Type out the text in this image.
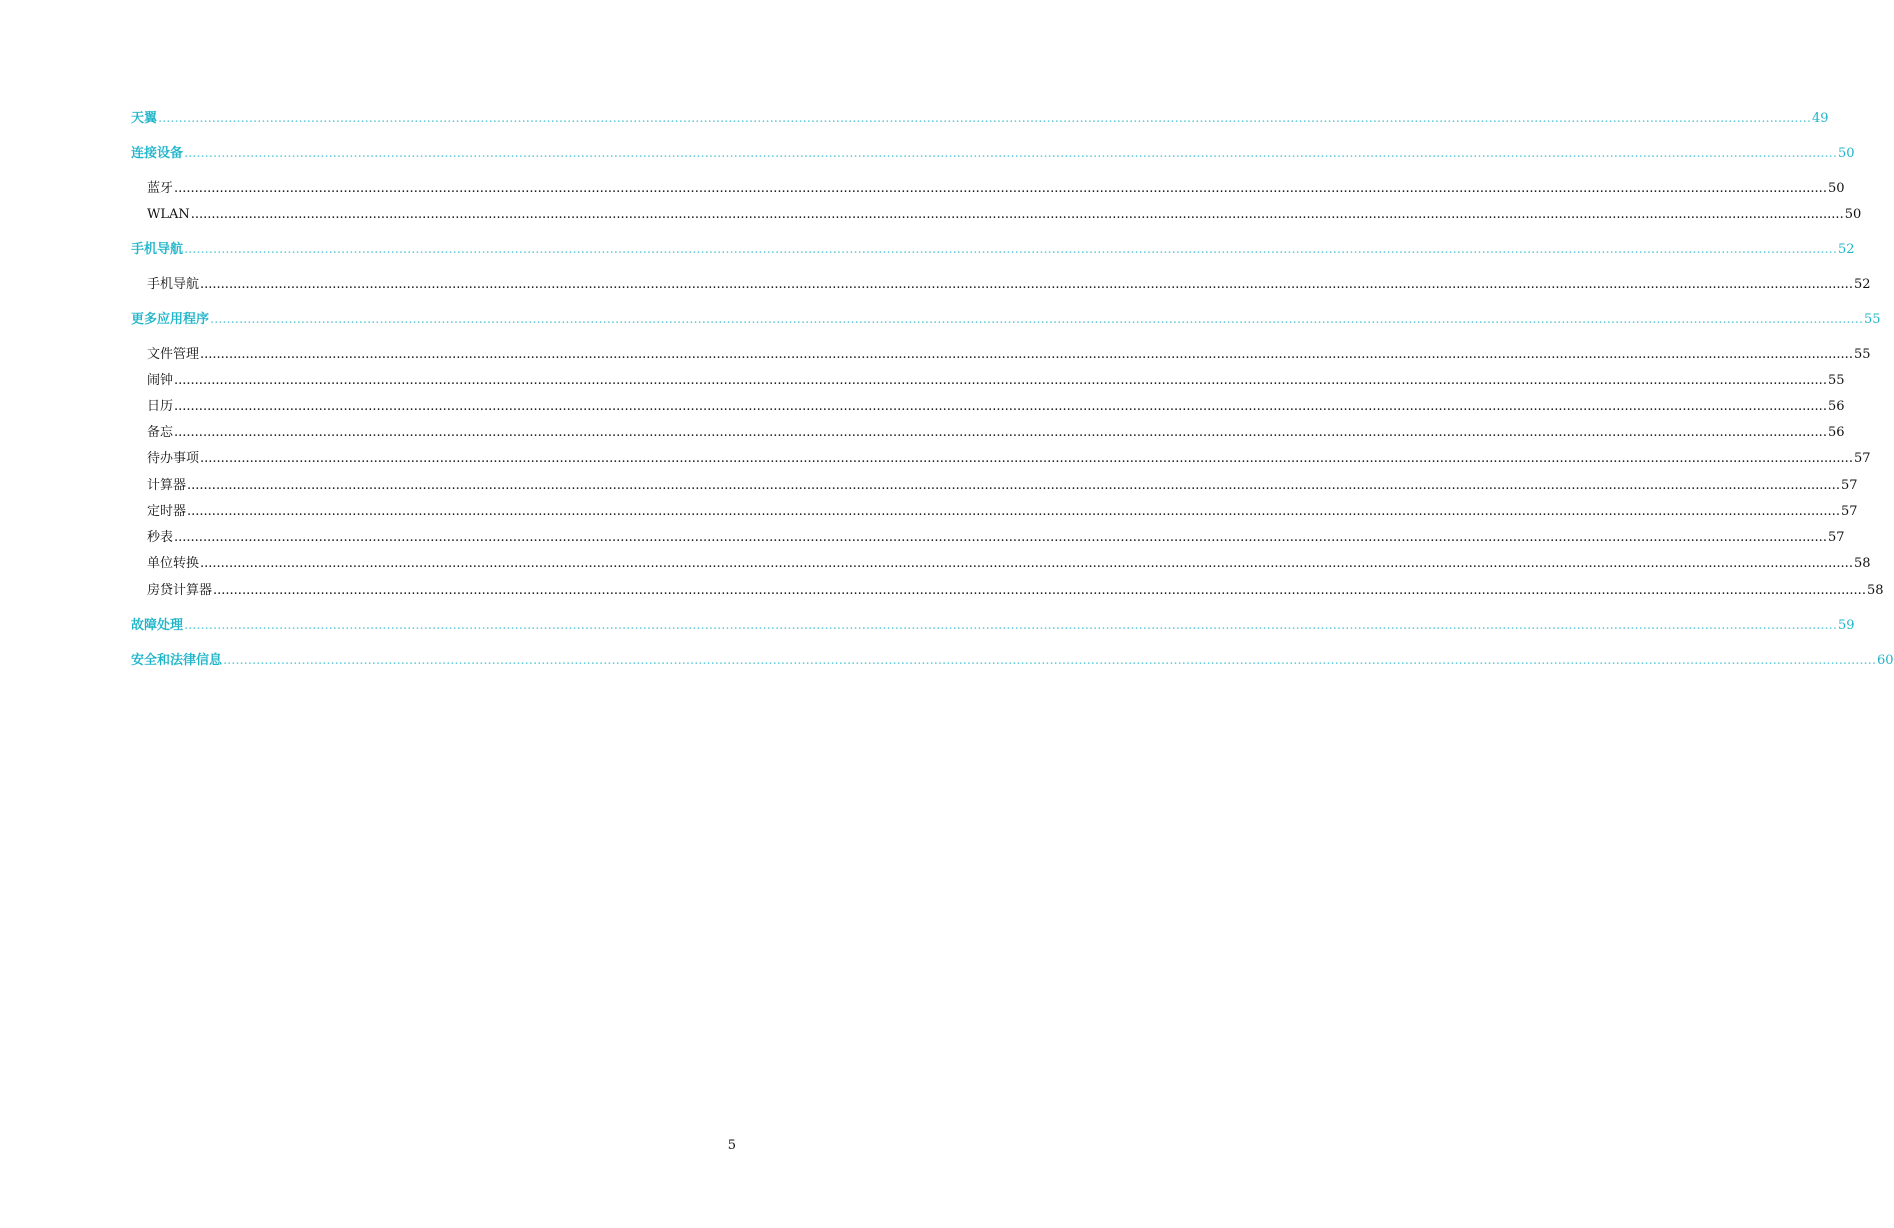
天翼 ................................................................................................................................................................................................................................................................................................................................................................................................................ 49
连接设备 ................................................................................................................................................................................................................................................................................................................................................................................................................ 50
蓝牙 ................................................................................................................................................................................................................................................................................................................................................................................................................ 50
WLAN ................................................................................................................................................................................................................................................................................................................................................................................................................ 50
手机导航 ................................................................................................................................................................................................................................................................................................................................................................................................................ 52
手机导航 ................................................................................................................................................................................................................................................................................................................................................................................................................ 52
更多应用程序 ................................................................................................................................................................................................................................................................................................................................................................................................................ 55
文件管理 ................................................................................................................................................................................................................................................................................................................................................................................................................ 55
闹钟 ................................................................................................................................................................................................................................................................................................................................................................................................................ 55
日历 ................................................................................................................................................................................................................................................................................................................................................................................................................ 56
备忘 ................................................................................................................................................................................................................................................................................................................................................................................................................ 56
待办事项 ................................................................................................................................................................................................................................................................................................................................................................................................................ 57
计算器 ................................................................................................................................................................................................................................................................................................................................................................................................................ 57
定时器 ................................................................................................................................................................................................................................................................................................................................................................................................................ 57
秒表 ................................................................................................................................................................................................................................................................................................................................................................................................................ 57
单位转换 ................................................................................................................................................................................................................................................................................................................................................................................................................ 58
房贷计算器 ................................................................................................................................................................................................................................................................................................................................................................................................................ 58
故障处理 ................................................................................................................................................................................................................................................................................................................................................................................................................ 59
安全和法律信息 ................................................................................................................................................................................................................................................................................................................................................................................................................ 60
5
